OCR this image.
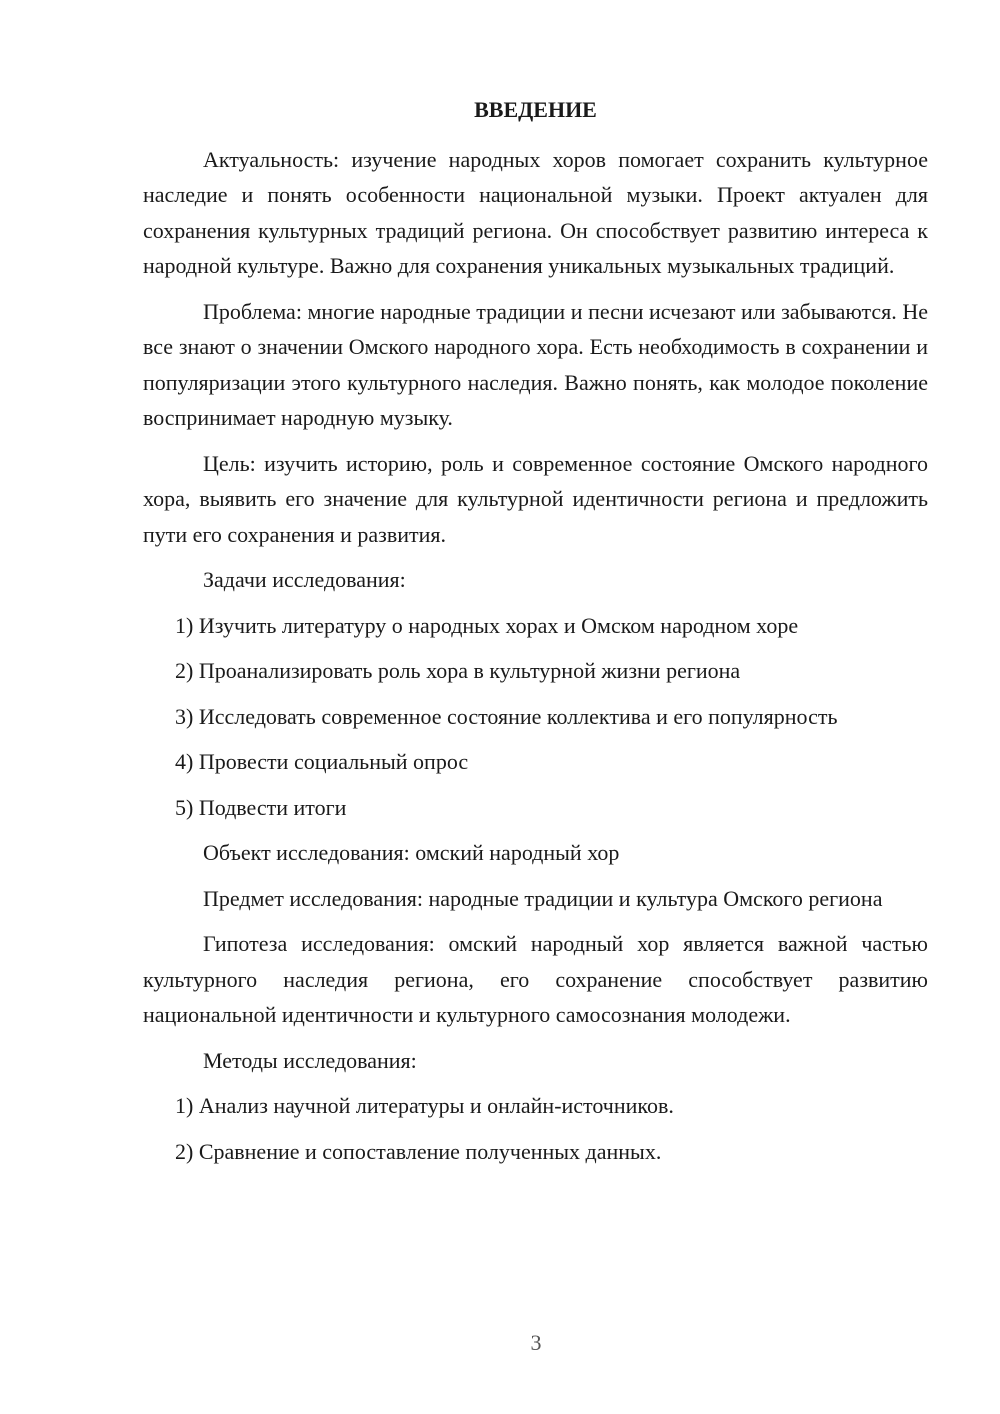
ВВЕДЕНИЕ

Актуальность: изучение народных хоров помогает сохранить культурное наследие и понять особенности национальной музыки. Проект актуален для сохранения культурных традиций региона. Он способствует развитию интереса к народной культуре. Важно для сохранения уникальных музыкальных традиций.

Проблема: многие народные традиции и песни исчезают или забываются. Не все знают о значении Омского народного хора. Есть необходимость в сохранении и популяризации этого культурного наследия. Важно понять, как молодое поколение воспринимает народную музыку.

Цель: изучить историю, роль и современное состояние Омского народного хора, выявить его значение для культурной идентичности региона и предложить пути его сохранения и развития.

Задачи исследования:

1) Изучить литературу о народных хорах и Омском народном хоре
2) Проанализировать роль хора в культурной жизни региона
3) Исследовать современное состояние коллектива и его популярность
4) Провести социальный опрос
5) Подвести итоги

Объект исследования: омский народный хор

Предмет исследования: народные традиции и культура Омского региона

Гипотеза исследования: омский народный хор является важной частью культурного наследия региона, его сохранение способствует развитию национальной идентичности и культурного самосознания молодежи.

Методы исследования:

1) Анализ научной литературы и онлайн-источников.
2) Сравнение и сопоставление полученных данных.
3
